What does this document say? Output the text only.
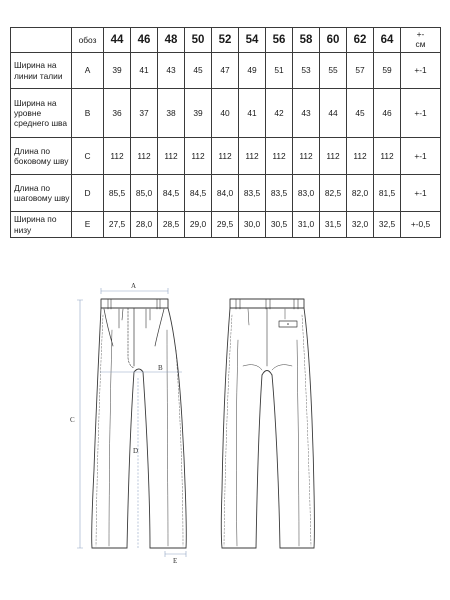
	обоз	44	46	48	50	52	54	56	58	60	62	64	+-
см
Ширина на линии талии	A	39	41	43	45	47	49	51	53	55	57	59	+-1
Ширина на уровне среднего шва	B	36	37	38	39	40	41	42	43	44	45	46	+-1
Длина по боковому шву	C	112	112	112	112	112	112	112	112	112	112	112	+-1
Длина по шаговому шву	D	85,5	85,0	84,5	84,5	84,0	83,5	83,5	83,0	82,5	82,0	81,5	+-1
Ширина по низу	E	27,5	28,0	28,5	29,0	29,5	30,0	30,5	31,0	31,5	32,0	32,5	+-0,5
A
B
C
D
E
